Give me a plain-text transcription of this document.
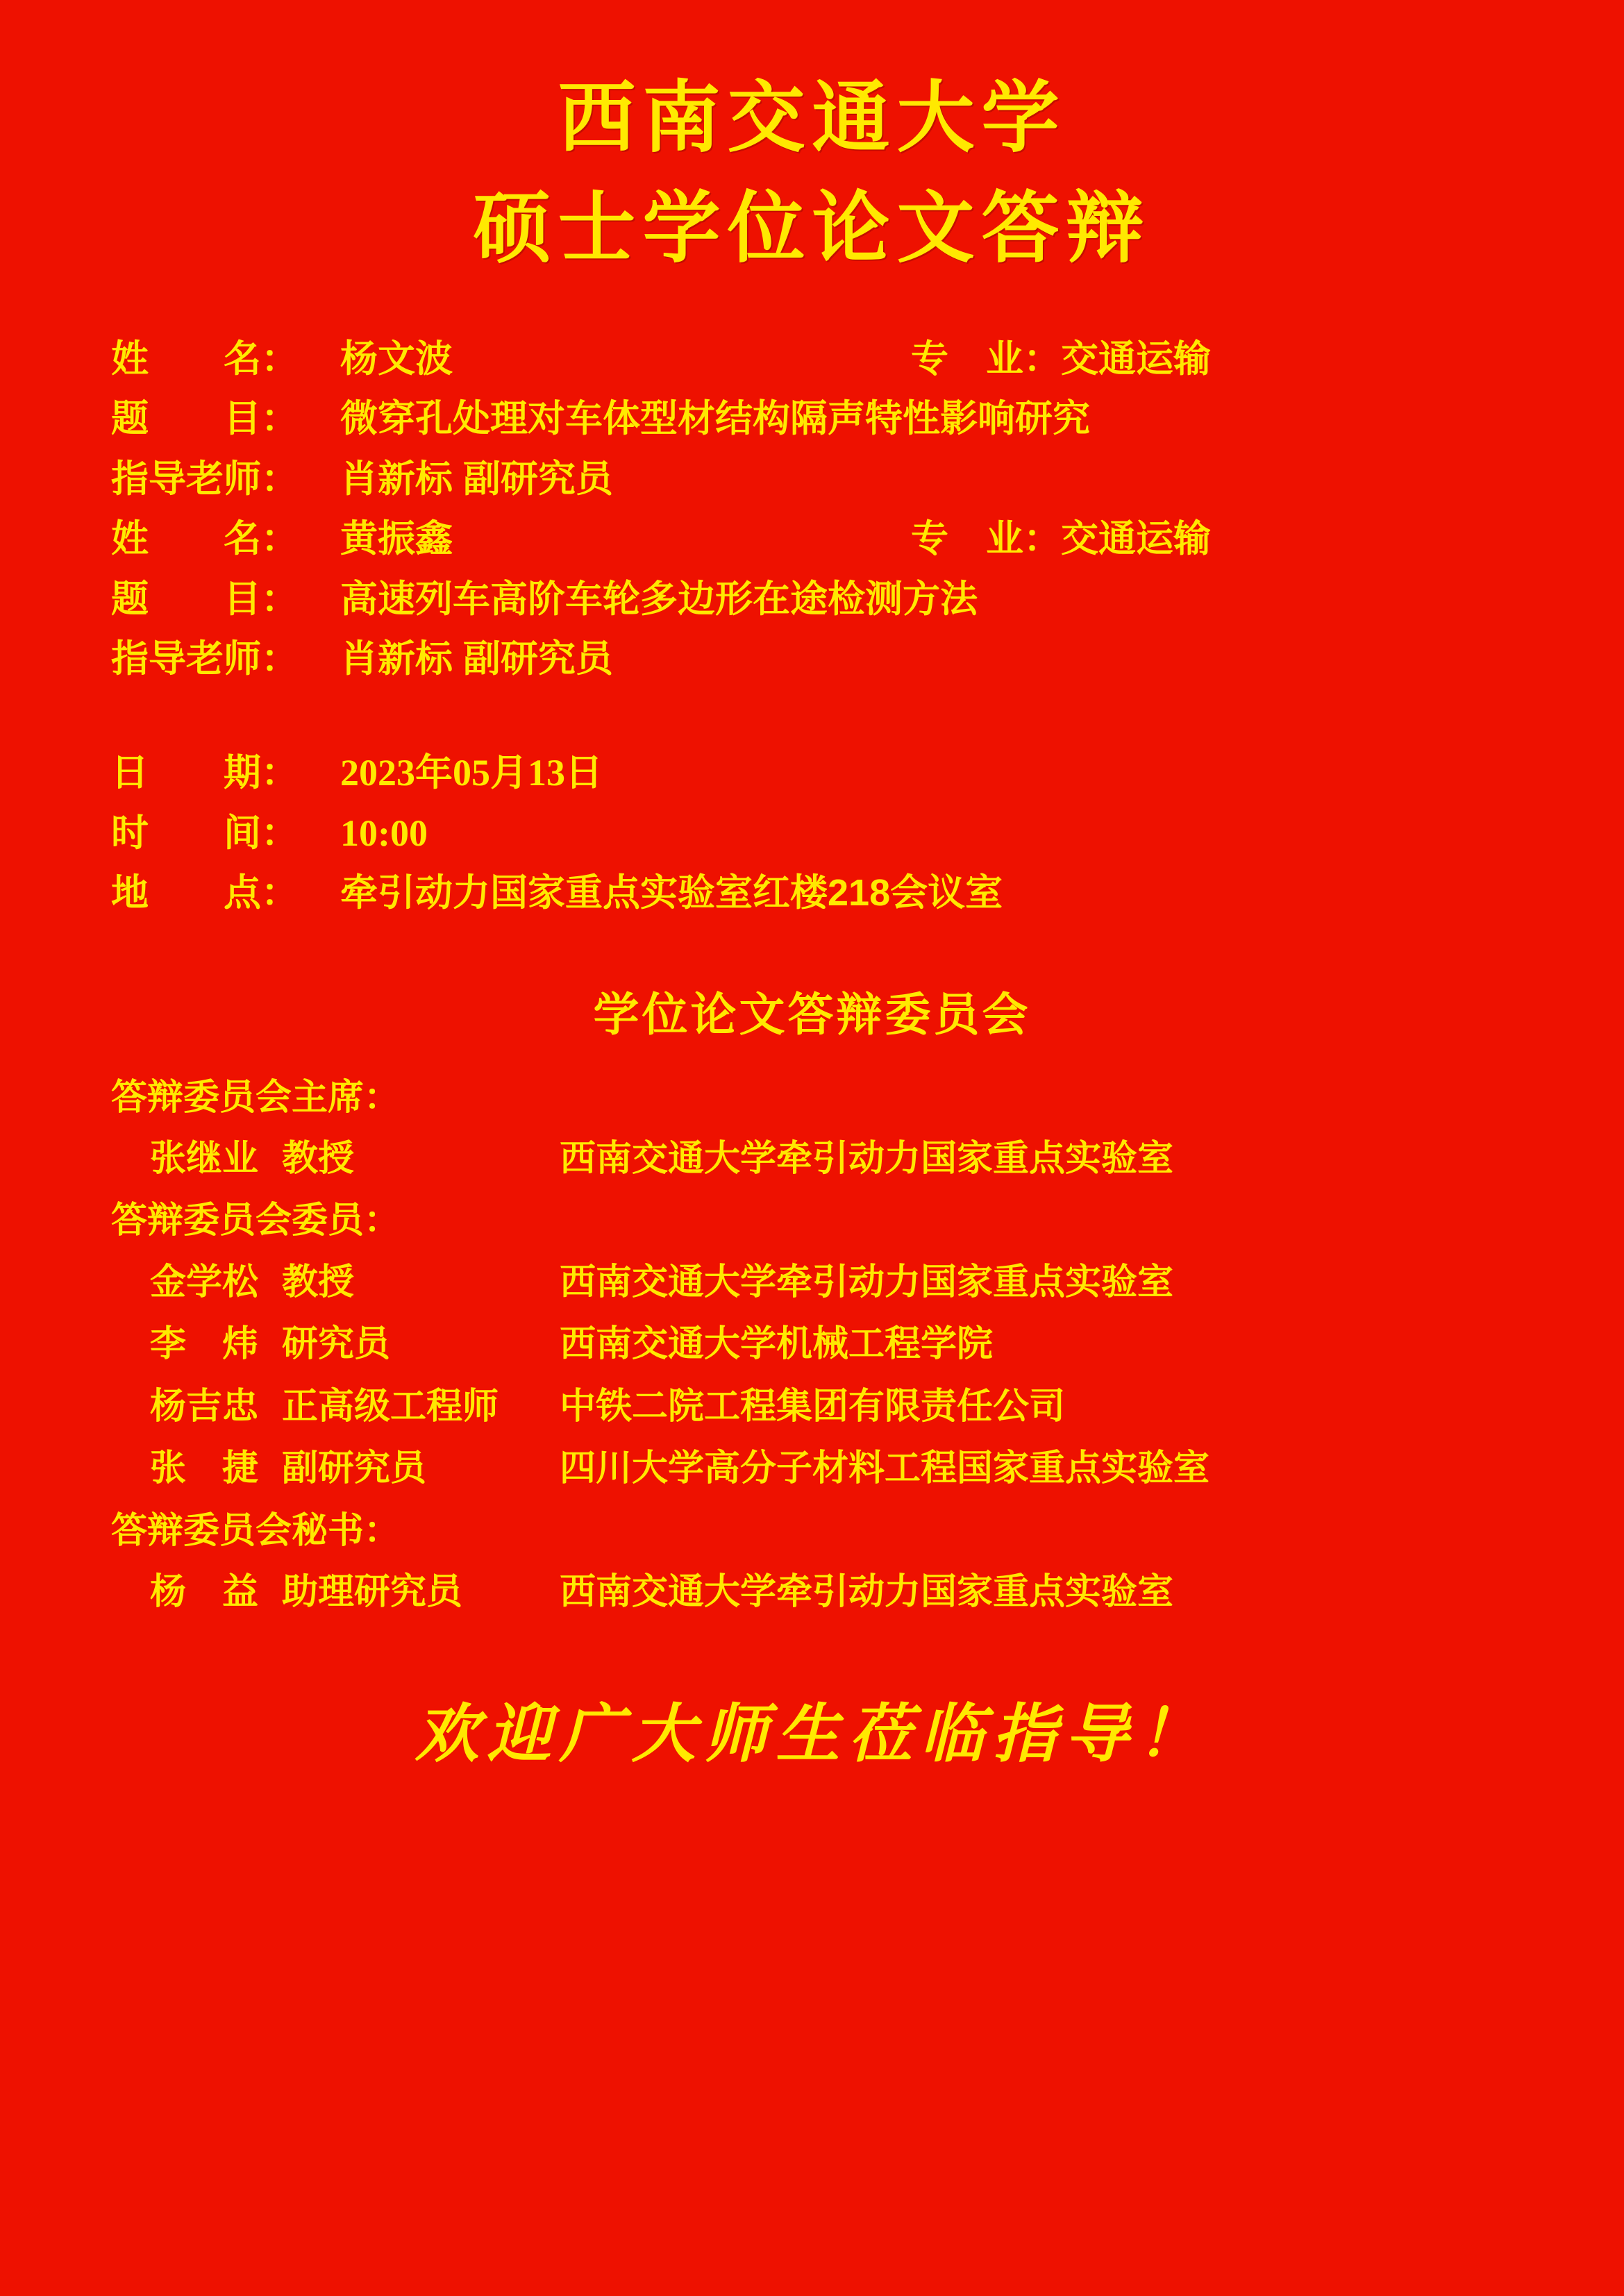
西南交通大学
硕士学位论文答辩
姓　　名：	杨文波	专　业： 交通运输
题　　目：	微穿孔处理对车体型材结构隔声特性影响研究
指导老师：	肖新标 副研究员
姓　　名：	黄振鑫	专　业： 交通运输
题　　目：	高速列车高阶车轮多边形在途检测方法
指导老师：	肖新标 副研究员
日　　期：	2023年05月13日
时　　间：	10:00
地　　点：	牵引动力国家重点实验室红楼218会议室
学位论文答辩委员会
答辩委员会主席：
张继业 教授	西南交通大学牵引动力国家重点实验室
答辩委员会委员：
金学松 教授	西南交通大学牵引动力国家重点实验室
李　炜 研究员	西南交通大学机械工程学院
杨吉忠 正高级工程师	中铁二院工程集团有限责任公司
张　捷 副研究员	四川大学高分子材料工程国家重点实验室
答辩委员会秘书：
杨　益 助理研究员	西南交通大学牵引动力国家重点实验室
欢迎广大师生莅临指导！
